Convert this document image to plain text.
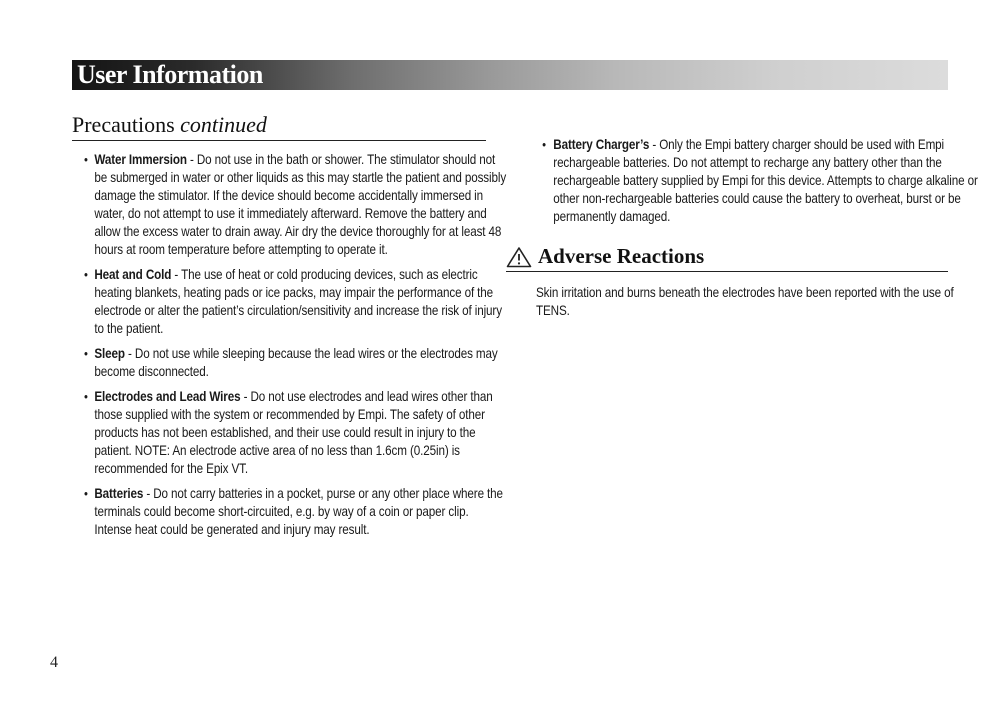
User Information
Precautions continued
• Water Immersion - Do not use in the bath or shower. The stimulator should not be submerged in water or other liquids as this may startle the patient and possibly damage the stimulator. If the device should become accidentally immersed in water, do not attempt to use it immediately afterward. Remove the battery and allow the excess water to drain away. Air dry the device thoroughly for at least 48 hours at room temperature before attempting to operate it.
• Heat and Cold - The use of heat or cold producing devices, such as electric heating blankets, heating pads or ice packs, may impair the performance of the electrode or alter the patient’s circulation/sensitivity and increase the risk of injury to the patient.
• Sleep - Do not use while sleeping because the lead wires or the electrodes may become disconnected.
• Electrodes and Lead Wires - Do not use electrodes and lead wires other than those supplied with the system or recommended by Empi. The safety of other products has not been established, and their use could result in injury to the patient. NOTE: An electrode active area of no less than 1.6cm (0.25in) is recommended for the Epix VT.
• Batteries - Do not carry batteries in a pocket, purse or any other place where the terminals could become short-circuited, e.g. by way of a coin or paper clip. Intense heat could be generated and injury may result.
• Battery Charger’s - Only the Empi battery charger should be used with Empi rechargeable batteries. Do not attempt to recharge any battery other than the rechargeable battery supplied by Empi for this device. Attempts to charge alkaline or other non-rechargeable batteries could cause the battery to overheat, burst or be permanently damaged.
Adverse Reactions
Skin irritation and burns beneath the electrodes have been reported with the use of TENS.
4
